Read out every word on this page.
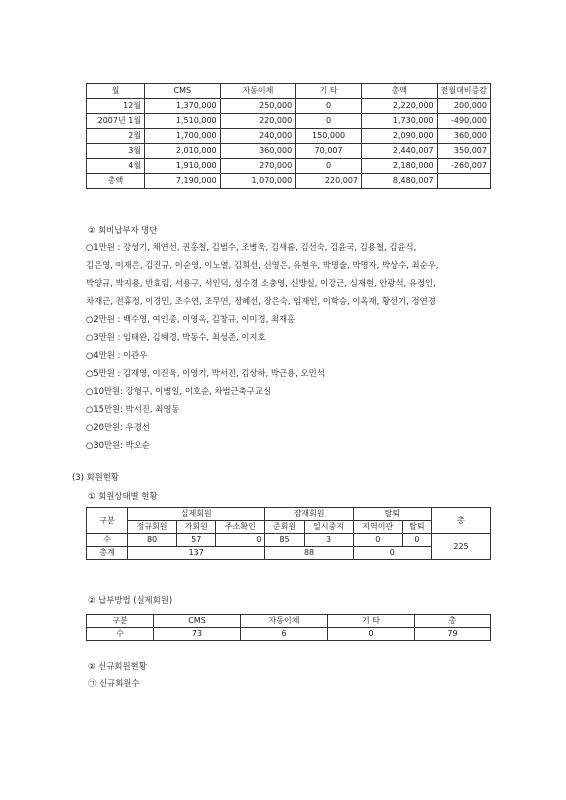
월	CMS	자동이체	기 타	총액	전월대비증감
12월	1,370,000	250,000	0	2,220,000	200,000
2007년 1월	1,510,000	220,000	0	1,730,000	-490,000
2월	1,700,000	240,000	150,000	2,090,000	360,000
3월	2,010,000	360,000	70,007	2,440,007	350,007
4월	1,910,000	270,000	0	2,180,000	-260,007
총액	7,190,000	1,070,000	220,007	8,480,007	
② 회비납부자 명단
○1만원 : 강성기, 채연선, 권홍철, 김범수, 조병욱, 김새롬, 김선숙, 김윤국, 김용철, 김윤식,
김은영, 이재은, 김진규, 이순영, 이노열, 김희선, 신영은, 유현우, 박명술, 박명자, 박상수, 최순우,
박양규, 박지용, 반효림, 서용구, 서인덕, 성수경 소충영, 신방실, 이강근, 심재현, 안광석, 유정인,
차재근, 전휴정, 이경민, 조수연, 조무연, 정혜선, 장은숙, 임재인, 이학승, 이옥재, 황선기, 정연경
○2만원 : 백수영, 여인종, 이영옥, 김창규, 이미경, 최재홍
○3만원 : 임태완, 김혜경, 박동수, 최성준, 이지호
○4만원 : 이관우
○5만원 : 김재영, 이진욱, 이영기, 박서진, 김상하, 박근용, 오민석
○10만원: 강형구, 이병일, 이호순, 차범근축구교실
○15만원: 박서진, 최영동
○20만원: 우경선
○30만원: 박오순
(3) 회원현황
① 회원상태별 현황
구분	실제회원			잠재회원		탈퇴		총
	정규회원	가회원	주소확인	준회원	일시중지	지역이관	탈퇴	
수	80	57	0	85	3	0	0	225
총계	137			88		0		
② 납부방법 (실제회원)
구분	CMS	자동이체	기 타	총
수	73	6	0	79
② 신규회원현황
㉠ 신규회원수
